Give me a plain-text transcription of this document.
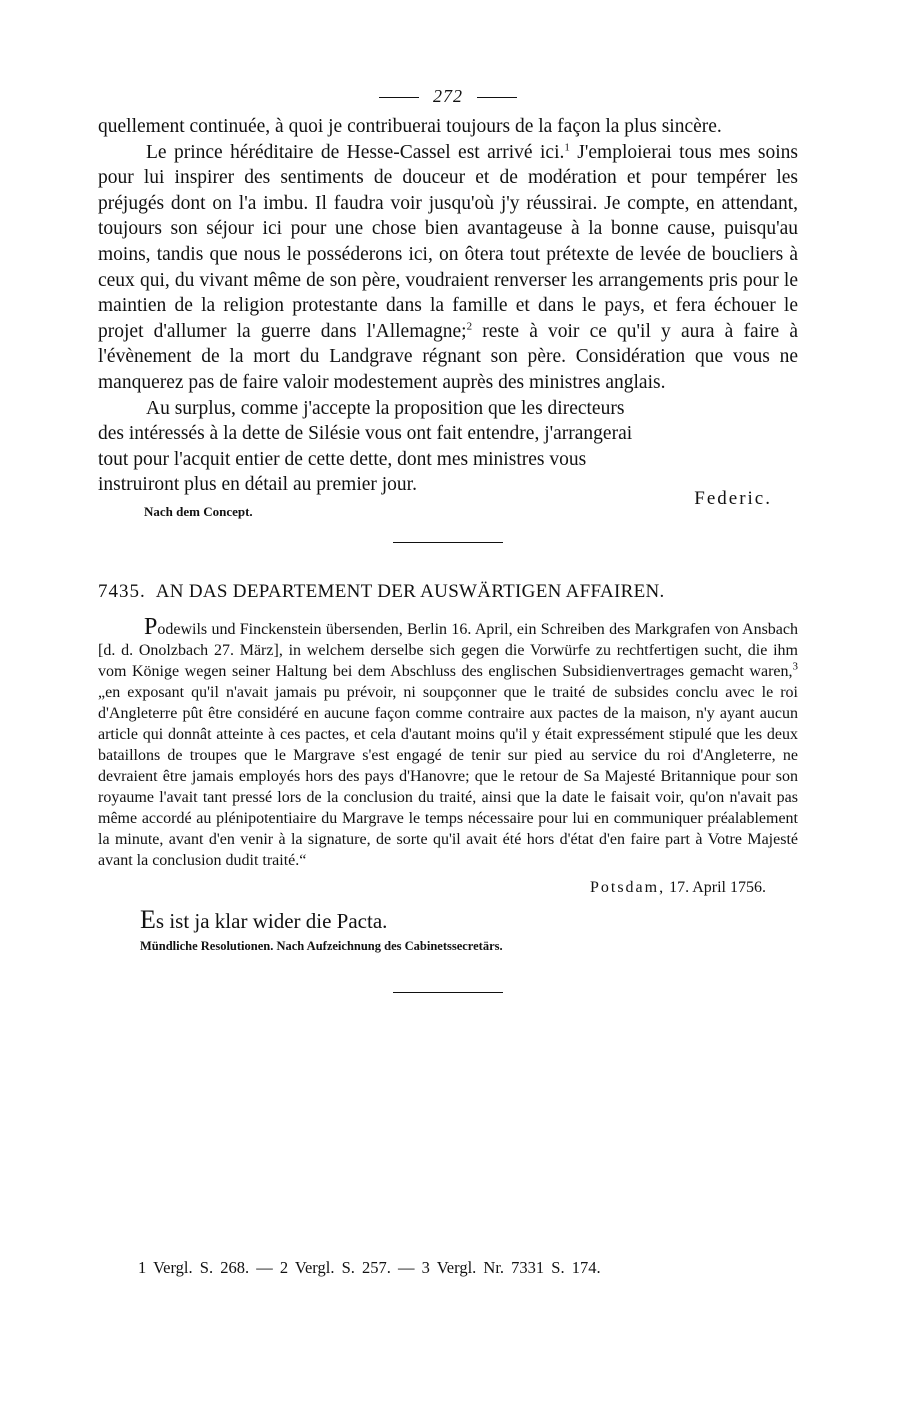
272

quellement continuée, à quoi je contribuerai toujours de la façon la plus sincère.

Le prince héréditaire de Hesse-Cassel est arrivé ici.$^1$ J'emploierai tous mes soins pour lui inspirer des sentiments de douceur et de modération et pour tempérer les préjugés dont on l'a imbu. Il faudra voir jusqu'où j'y réussirai. Je compte, en attendant, toujours son séjour ici pour une chose bien avantageuse à la bonne cause, puisqu'au moins, tandis que nous le posséderons ici, on ôtera tout prétexte de levée de boucliers à ceux qui, du vivant même de son père, voudraient renverser les arrangements pris pour le maintien de la religion protestante dans la famille et dans le pays, et fera échouer le projet d'allumer la guerre dans l'Allemagne;$^2$ reste à voir ce qu'il y aura à faire à l'évènement de la mort du Landgrave régnant son père. Considération que vous ne manquerez pas de faire valoir modestement auprès des ministres anglais.

Au surplus, comme j'accepte la proposition que les directeurs des intéressés à la dette de Silésie vous ont fait entendre, j'arrangerai tout pour l'acquit entier de cette dette, dont mes ministres vous instruiront plus en détail au premier jour.

Federic.
Nach dem Concept.
7435. AN DAS DEPARTEMENT DER AUSWÄRTIGEN AFFAIREN.

Podewils und Finckenstein übersenden, Berlin 16. April, ein Schreiben des Markgrafen von Ansbach [d. d. Onolzbach 27. März], in welchem derselbe sich gegen die Vorwürfe zu rechtfertigen sucht, die ihm vom Könige wegen seiner Haltung bei dem Abschluss des englischen Subsidienvertrages gemacht waren,$^3$ „en exposant qu'il n'avait jamais pu prévoir, ni soupçonner que le traité de subsides conclu avec le roi d'Angleterre pût être considéré en aucune façon comme contraire aux pactes de la maison, n'y ayant aucun article qui donnât atteinte à ces pactes, et cela d'autant moins qu'il y était expressément stipulé que les deux bataillons de troupes que le Margrave s'est engagé de tenir sur pied au service du roi d'Angleterre, ne devraient être jamais employés hors des pays d'Hanovre; que le retour de Sa Majesté Britannique pour son royaume l'avait tant pressé lors de la conclusion du traité, ainsi que la date le faisait voir, qu'on n'avait pas même accordé au plénipotentiaire du Margrave le temps nécessaire pour lui en communiquer préalablement la minute, avant d'en venir à la signature, de sorte qu'il avait été hors d'état d'en faire part à Votre Majesté avant la conclusion dudit traité.“

Potsdam, 17. April 1756.
Es ist ja klar wider die Pacta.
Mündliche Resolutionen. Nach Aufzeichnung des Cabinetssecretärs.
1 Vergl. S. 268. — 2 Vergl. S. 257. — 3 Vergl. Nr. 7331 S. 174.
